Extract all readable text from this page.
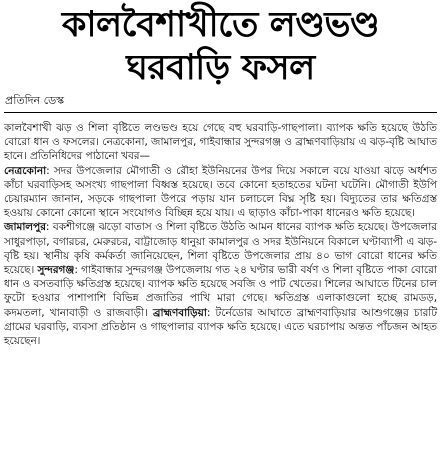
কালবৈশাখীতে লণ্ডভণ্ড
ঘরবাড়ি ফসল
প্রতিদিন ডেস্ক

কালবৈশাখী ঝড় ও শিলা বৃষ্টিতে লণ্ডভণ্ড হয়ে গেছে বহু ঘরবাড়ি-গাছপালা। ব্যাপক ক্ষতি হয়েছে উঠতি বোরো ধান ও ফসলের। নেত্রকোনা, জামালপুর, গাইবান্ধার সুন্দরগঞ্জ ও ব্রাহ্মণবাড়িয়ায় এ ঝড়-বৃষ্টি আঘাত হানে। প্রতিনিধিদের পাঠানো খবর—
নেত্রকোনা: সদর উপজেলার মৌগাতী ও রৌহা ইউনিয়নের উপর দিয়ে সকালে বয়ে যাওয়া ঝড়ে অর্ধশত কাঁচা ঘরবাড়িসহ অসংখ্য গাছপালা বিধ্বস্ত হয়েছে। তবে কোনো হতাহতের ঘটনা ঘটেনি। মৌগাতী ইউপি চেয়ারম্যান জানান, সড়কে গাছপালা উপরে পড়ায় যান চলাচলে বিঘ্ন সৃষ্টি হয়। বিদ্যুতের তার ক্ষতিগ্রস্ত হওয়ায় কোনো কোনো স্থানে সংযোগও বিচ্ছিন্ন হয়ে যায়। এ ছাড়াও কাঁচা-পাকা ধানেরও ক্ষতি হয়েছে।
জামালপুর: বকশীগঞ্জে ঝড়ো বাতাস ও শিলা বৃষ্টিতে উঠতি আমন ধানের ব্যাপক ক্ষতি হয়েছে। উপজেলার সাধুরপাড়া, বগারচর, মেরুরচর, বাট্টাজোড় ধানুয়া কামালপুর ও সদর ইউনিয়নে বিকালে ঘণ্টাব্যাপী এ ঝড়-বৃষ্টি হয়। স্থানীয় কৃষি কর্মকর্তা জানিয়েছেন, শিলা বৃষ্টিতে উপজেলার প্রায় ৪০ ভাগ বোরো ধানের ক্ষতি হয়েছে। সুন্দরগঞ্জ: গাইবান্ধার সুন্দরগঞ্জ উপজেলায় গত ২৪ ঘণ্টার ভারী বর্ষণ ও শিলা বৃষ্টিতে পাকা বোরো ধান ও বসতবাড়ি ক্ষতিগ্রস্ত হয়েছে। ব্যাপক ক্ষতি হয়েছে সবজি ও পাট খেতের। শিলের আঘাতে টিনের চাল ফুটো হওয়ার পাশাপাশি বিভিন্ন প্রজাতির পাখি মারা গেছে। ক্ষতিগ্রস্ত এলাকাগুলো হচ্ছে রামডড়, কদমতলা, খানাবাড়ী ও রাজবাড়ী। ব্রাহ্মণবাড়িয়া: টর্নেডোর আঘাতে ব্রাহ্মণবাড়িয়ার আশুগঞ্জের চারটি গ্রামের ঘরবাড়ি, ব্যবসা প্রতিষ্ঠান ও গাছপালার ব্যাপক ক্ষতি হয়েছে। এতে ঘরচাপায় অন্তত পাঁচজন আহত হয়েছেন।
